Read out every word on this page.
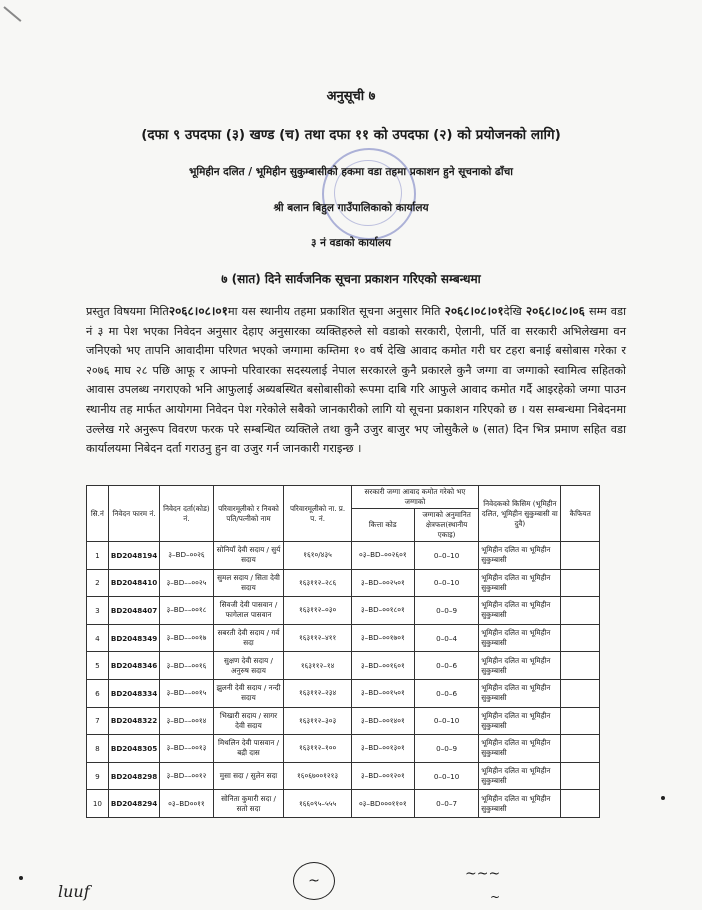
अनुसूची ७
(दफा ९ उपदफा (३) खण्ड (च) तथा दफा ११ को उपदफा (२) को प्रयोजनको लागि)
भूमिहीन दलित / भूमिहीन सुकुम्बासीको हकमा वडा तहमा प्रकाशन हुने सूचनाको ढाँचा
श्री बलान बिहुल गाउँपालिकाको कार्यालय
३ नं वडाको कार्यालय
७ (सात) दिने सार्वजनिक सूचना प्रकाशन गरिएको सम्बन्धमा
प्रस्तुत विषयमा मिति२०६८।०८।०१मा यस स्थानीय तहमा प्रकाशित सूचना अनुसार मिति २०६८।०८।०१देखि २०६८।०८।०६ सम्म वडा नं ३ मा पेश भएका निवेदन अनुसार देहाए अनुसारका व्यक्तिहरुले सो वडाको सरकारी, ऐलानी, पर्ति वा सरकारी अभिलेखमा वन जनिएको भए तापनि आवादीमा परिणत भएको जग्गामा कम्तिमा १० वर्ष देखि आवाद कमोत गरी घर टहरा बनाई बसोबास गरेका र २०७६ माघ २८ पछि आफू र आफ्नो परिवारका सदस्यलाई नेपाल सरकारले कुनै प्रकारले कुनै जग्गा वा जग्गाको स्वामित्व सहितको आवास उपलब्ध नगराएको भनि आफुलाई अब्यबस्थित बसोबासीको रूपमा दाबि गरि आफुले आवाद कमोत गर्दै आइरहेको जग्गा पाउन स्थानीय तह मार्फत आयोगमा निवेदन पेश गरेकोले सबैको जानकारीको लागि यो सूचना प्रकाशन गरिएको छ । यस सम्बन्धमा निबेदनमा उल्लेख गरे अनुरूप विवरण फरक परे सम्बन्धित व्यक्तिले तथा कुनै उजुर बाजुर भए जोसुकैले ७ (सात) दिन भित्र प्रमाण सहित वडा कार्यालयमा निबेदन दर्ता गराउनु हुन वा उजुर गर्न जानकारी गराइन्छ ।
सि.नं	निवेदन फारम नं.	निवेदन दर्ता(कोड) नं.	परिवारमूलीको र निवको पति/पत्नीको नाम	परिवारमूलीको ना. प्र. प. नं.	सरकारी जग्गा आवाद कमोत गरेको भए जग्गाको		निवेदकको किसिम (भूमिहीन दलित, भूमिहीन सुकुम्बासी वा दुवै)	कैफियत
					कित्ता कोड	जग्गाको अनुमानित क्षेत्रफल(स्थानीय एकाइ)		
1	BD2048194	३–BD–००२६	सोनियाँ देवी सदाय / सुर्य सदाय	१६१०/४३५	०३–BD–००२६०१	0–0–10	भूमिहीन दलित वा भूमिहीन सुकुम्बासी	
2	BD2048410	३–BD––००२५	सुमल सदाय / सिता देवी सदाय	१६३११२–२८६	३–BD–००२५०१	0–0–10	भूमिहीन दलित वा भूमिहीन सुकुम्बासी	
3	BD2048407	३–BD––००१८	सिवजी देवी पासवान / फागेलाल पासवान	१६३११२–०३०	३–BD–००१८०१	0–0–9	भूमिहीन दलित वा भूमिहीन सुकुम्बासी	
4	BD2048349	३–BD––००१७	सबरती देवी सदाय / गर्व सदा	१६३११२–४११	३–BD–००१७०१	0–0–4	भूमिहीन दलित वा भूमिहीन सुकुम्बासी	
5	BD2048346	३–BD––००१६	सुक्षण देवी सदाय / अनुरुष सदाय	१६३११२–१४	३–BD–००१६०१	0–0–6	भूमिहीन दलित वा भूमिहीन सुकुम्बासी	
6	BD2048334	३–BD––००१५	झुलनी देवी सदाय / नन्दी सदाय	१६३११२–२३४	३–BD–००१५०१	0–0–6	भूमिहीन दलित वा भूमिहीन सुकुम्बासी	
7	BD2048322	३–BD––००१४	भिखारी सदाय / सागर देवी सदाय	१६३११२–३०३	३–BD–००१४०१	0–0–10	भूमिहीन दलित वा भूमिहीन सुकुम्बासी	
8	BD2048305	३–BD––००१३	मिथलिन देवी पासवान / बद्री दास	१६३११२–१००	३–BD–००१३०१	0–0–9	भूमिहीन दलित वा भूमिहीन सुकुम्बासी	
9	BD2048298	३–BD––००१२	मुसा सदा / सुलेन सदा	१६०६७००१२१३	३–BD–००१२०१	0–0–10	भूमिहीन दलित वा भूमिहीन सुकुम्बासी	
10	BD2048294	०३–BD००११	सोनिता कुमारी सदा / सतो सदा	१६६०९५–५५५	०३–BD०००११०१	0–0–7	भूमिहीन दलित वा भूमिहीन सुकुम्बासी	
luuf
~	~~~
~
